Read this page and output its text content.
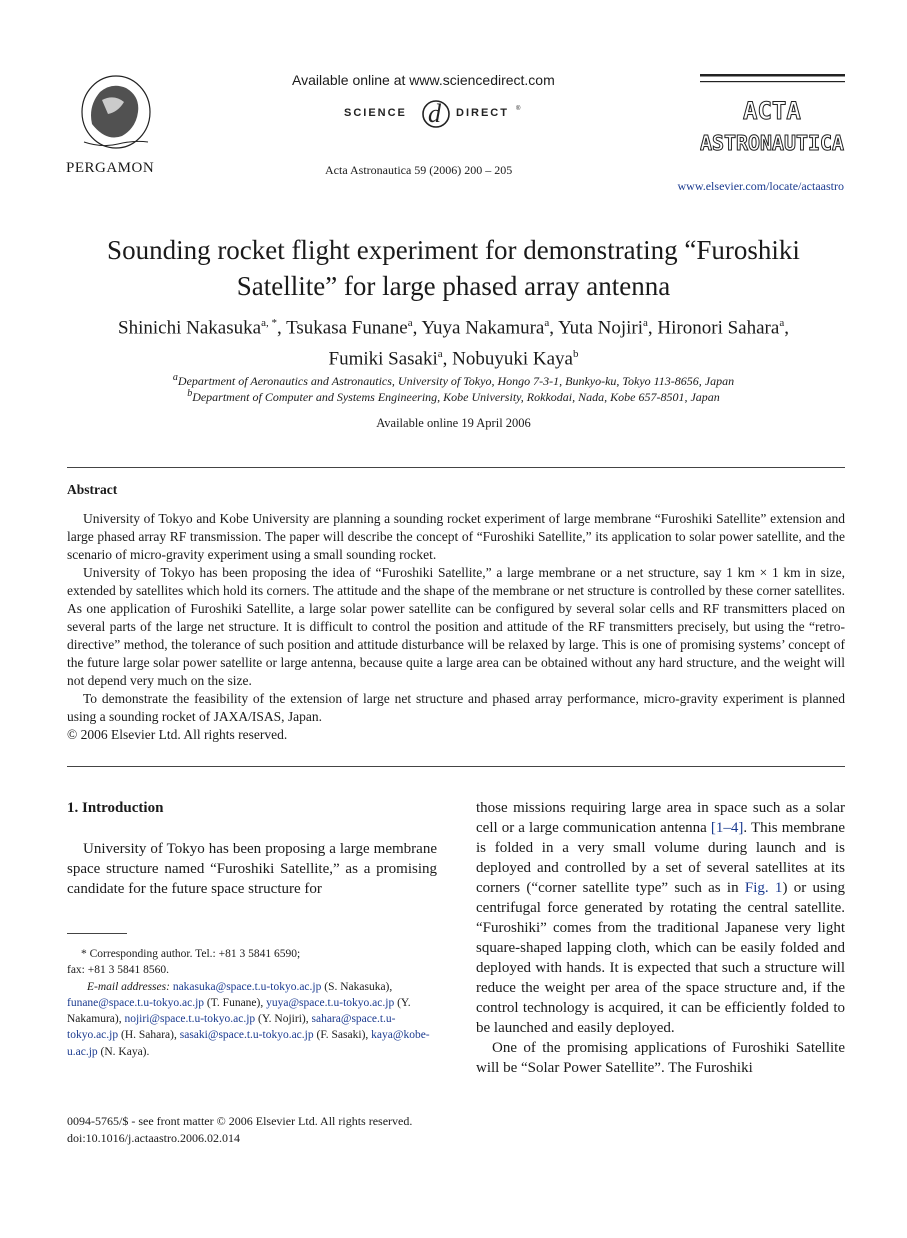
PERGAMON
Available online at www.sciencedirect.com
SCIENCE d DIRECT ®
Acta Astronautica 59 (2006) 200 – 205
ACTA
ASTRONAUTICA
www.elsevier.com/locate/actaastro
Sounding rocket flight experiment for demonstrating “Furoshiki
Satellite” for large phased array antenna
Shinichi Nakasuka$^{a, *}$, Tsukasa Funane$^a$, Yuya Nakamura$^a$, Yuta Nojiri$^a$, Hironori Sahara$^a$,
Fumiki Sasaki$^a$, Nobuyuki Kaya$^b$
$^a$Department of Aeronautics and Astronautics, University of Tokyo, Hongo 7-3-1, Bunkyo-ku, Tokyo 113-8656, Japan
$^b$Department of Computer and Systems Engineering, Kobe University, Rokkodai, Nada, Kobe 657-8501, Japan
Available online 19 April 2006
Abstract

University of Tokyo and Kobe University are planning a sounding rocket experiment of large membrane “Furoshiki Satellite” extension and large phased array RF transmission. The paper will describe the concept of “Furoshiki Satellite,” its application to solar power satellite, and the scenario of micro-gravity experiment using a small sounding rocket.

University of Tokyo has been proposing the idea of “Furoshiki Satellite,” a large membrane or a net structure, say 1 km × 1 km in size, extended by satellites which hold its corners. The attitude and the shape of the membrane or net structure is controlled by these corner satellites. As one application of Furoshiki Satellite, a large solar power satellite can be configured by several solar cells and RF transmitters placed on several parts of the large net structure. It is difficult to control the position and attitude of the RF transmitters precisely, but using the “retro-directive” method, the tolerance of such position and attitude disturbance will be relaxed by large. This is one of promising systems’ concept of the future large solar power satellite or large antenna, because quite a large area can be obtained without any hard structure, and the weight will not depend very much on the size.

To demonstrate the feasibility of the extension of large net structure and phased array performance, micro-gravity experiment is planned using a sounding rocket of JAXA/ISAS, Japan.

© 2006 Elsevier Ltd. All rights reserved.

1. Introduction

University of Tokyo has been proposing a large membrane space structure named “Furoshiki Satellite,” as a promising candidate for the future space structure for

* Corresponding author. Tel.: +81 3 5841 6590;
fax: +81 3 5841 8560.
E-mail addresses: nakasuka@space.t.u-tokyo.ac.jp (S. Nakasuka), funane@space.t.u-tokyo.ac.jp (T. Funane), yuya@space.t.u-tokyo.ac.jp (Y. Nakamura), nojiri@space.t.u-tokyo.ac.jp (Y. Nojiri), sahara@space.t.u-tokyo.ac.jp (H. Sahara), sasaki@space.t.u-tokyo.ac.jp (F. Sasaki), kaya@kobe-u.ac.jp (N. Kaya).
0094-5765/$ - see front matter © 2006 Elsevier Ltd. All rights reserved.
doi:10.1016/j.actaastro.2006.02.014

those missions requiring large area in space such as a solar cell or a large communication antenna [1–4]. This membrane is folded in a very small volume during launch and is deployed and controlled by a set of several satellites at its corners (“corner satellite type” such as in Fig. 1) or using centrifugal force generated by rotating the central satellite. “Furoshiki” comes from the traditional Japanese very light square-shaped lapping cloth, which can be easily folded and deployed with hands. It is expected that such a structure will reduce the weight per area of the space structure and, if the control technology is acquired, it can be efficiently folded to be launched and easily deployed.

One of the promising applications of Furoshiki Satellite will be “Solar Power Satellite”. The Furoshiki
